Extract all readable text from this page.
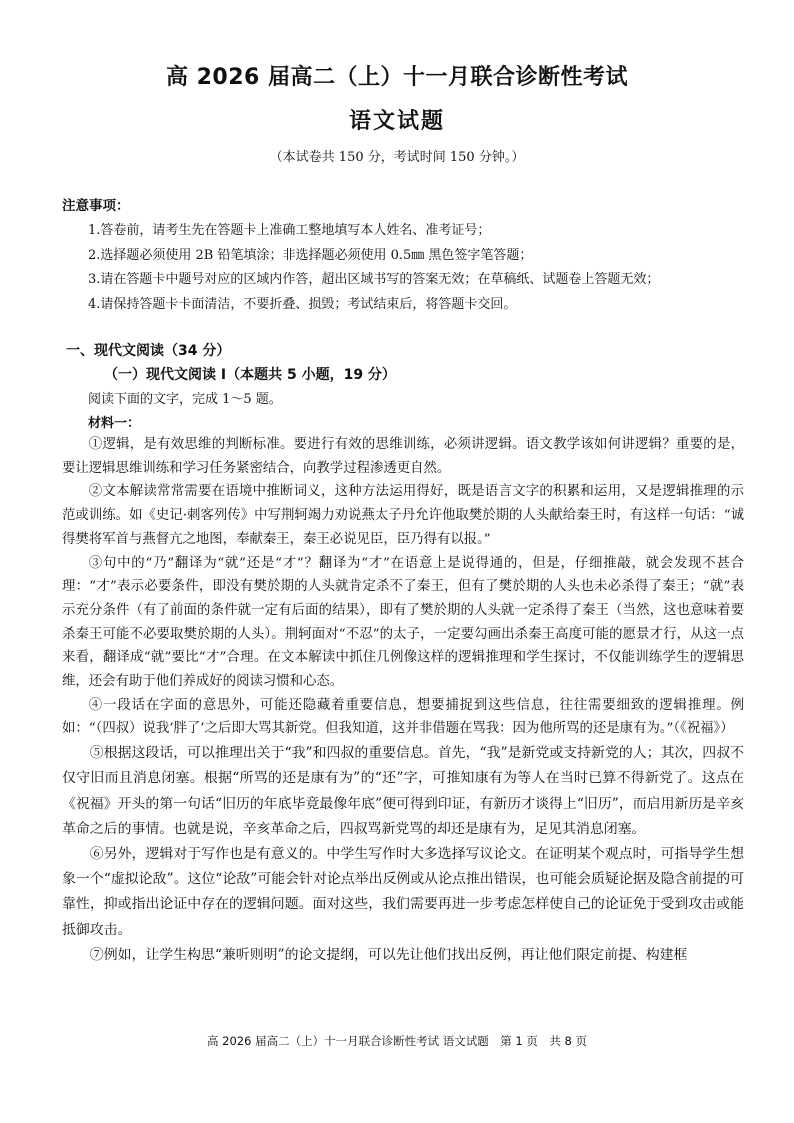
高 2026 届高二（上）十一月联合诊断性考试
语文试题
（本试卷共 150 分，考试时间 150 分钟。）
注意事项：
1.答卷前，请考生先在答题卡上准确工整地填写本人姓名、准考证号；
2.选择题必须使用 2B 铅笔填涂；非选择题必须使用 0.5㎜ 黑色签字笔答题；
3.请在答题卡中题号对应的区域内作答，超出区域书写的答案无效；在草稿纸、试题卷上答题无效；
4.请保持答题卡卡面清洁，不要折叠、损毁；考试结束后，将答题卡交回。
一、现代文阅读（34 分）
（一）现代文阅读 Ⅰ（本题共 5 小题，19 分）
阅读下面的文字，完成 1～5 题。
材料一：

①逻辑，是有效思维的判断标准。要进行有效的思维训练，必须讲逻辑。语文教学该如何讲逻辑？重要的是，要让逻辑思维训练和学习任务紧密结合，向教学过程渗透更自然。

②文本解读常常需要在语境中推断词义，这种方法运用得好，既是语言文字的积累和运用，又是逻辑推理的示范或训练。如《史记·刺客列传》中写荆轲竭力劝说燕太子丹允许他取樊於期的人头献给秦王时，有这样一句话：“诚得樊将军首与燕督亢之地图，奉献秦王，秦王必说见臣，臣乃得有以报。”

③句中的“乃”翻译为“就”还是“才”？翻译为“才”在语意上是说得通的，但是，仔细推敲，就会发现不甚合理：“才”表示必要条件，即没有樊於期的人头就肯定杀不了秦王，但有了樊於期的人头也未必杀得了秦王；“就”表示充分条件（有了前面的条件就一定有后面的结果），即有了樊於期的人头就一定杀得了秦王（当然，这也意味着要杀秦王可能不必要取樊於期的人头）。荆轲面对“不忍”的太子，一定要勾画出杀秦王高度可能的愿景才行，从这一点来看，翻译成“就”要比“才”合理。在文本解读中抓住几例像这样的逻辑推理和学生探讨，不仅能训练学生的逻辑思维，还会有助于他们养成好的阅读习惯和心态。

④一段话在字面的意思外，可能还隐藏着重要信息，想要捕捉到这些信息，往往需要细致的逻辑推理。例如：“（四叔）说我‘胖了’之后即大骂其新党。但我知道，这并非借题在骂我：因为他所骂的还是康有为。”（《祝福》）

⑤根据这段话，可以推理出关于“我”和四叔的重要信息。首先，“我”是新党或支持新党的人；其次，四叔不仅守旧而且消息闭塞。根据“所骂的还是康有为”的“还”字，可推知康有为等人在当时已算不得新党了。这点在《祝福》开头的第一句话“旧历的年底毕竟最像年底”便可得到印证，有新历才谈得上“旧历”，而启用新历是辛亥革命之后的事情。也就是说，辛亥革命之后，四叔骂新党骂的却还是康有为，足见其消息闭塞。

⑥另外，逻辑对于写作也是有意义的。中学生写作时大多选择写议论文。在证明某个观点时，可指导学生想象一个“虚拟论敌”。这位“论敌”可能会针对论点举出反例或从论点推出错误，也可能会质疑论据及隐含前提的可靠性，抑或指出论证中存在的逻辑问题。面对这些，我们需要再进一步考虑怎样使自己的论证免于受到攻击或能抵御攻击。

⑦例如，让学生构思“兼听则明”的论文提纲，可以先让他们找出反例，再让他们限定前提、构建框

高 2026 届高二（上）十一月联合诊断性考试 语文试题　第 1 页　共 8 页
